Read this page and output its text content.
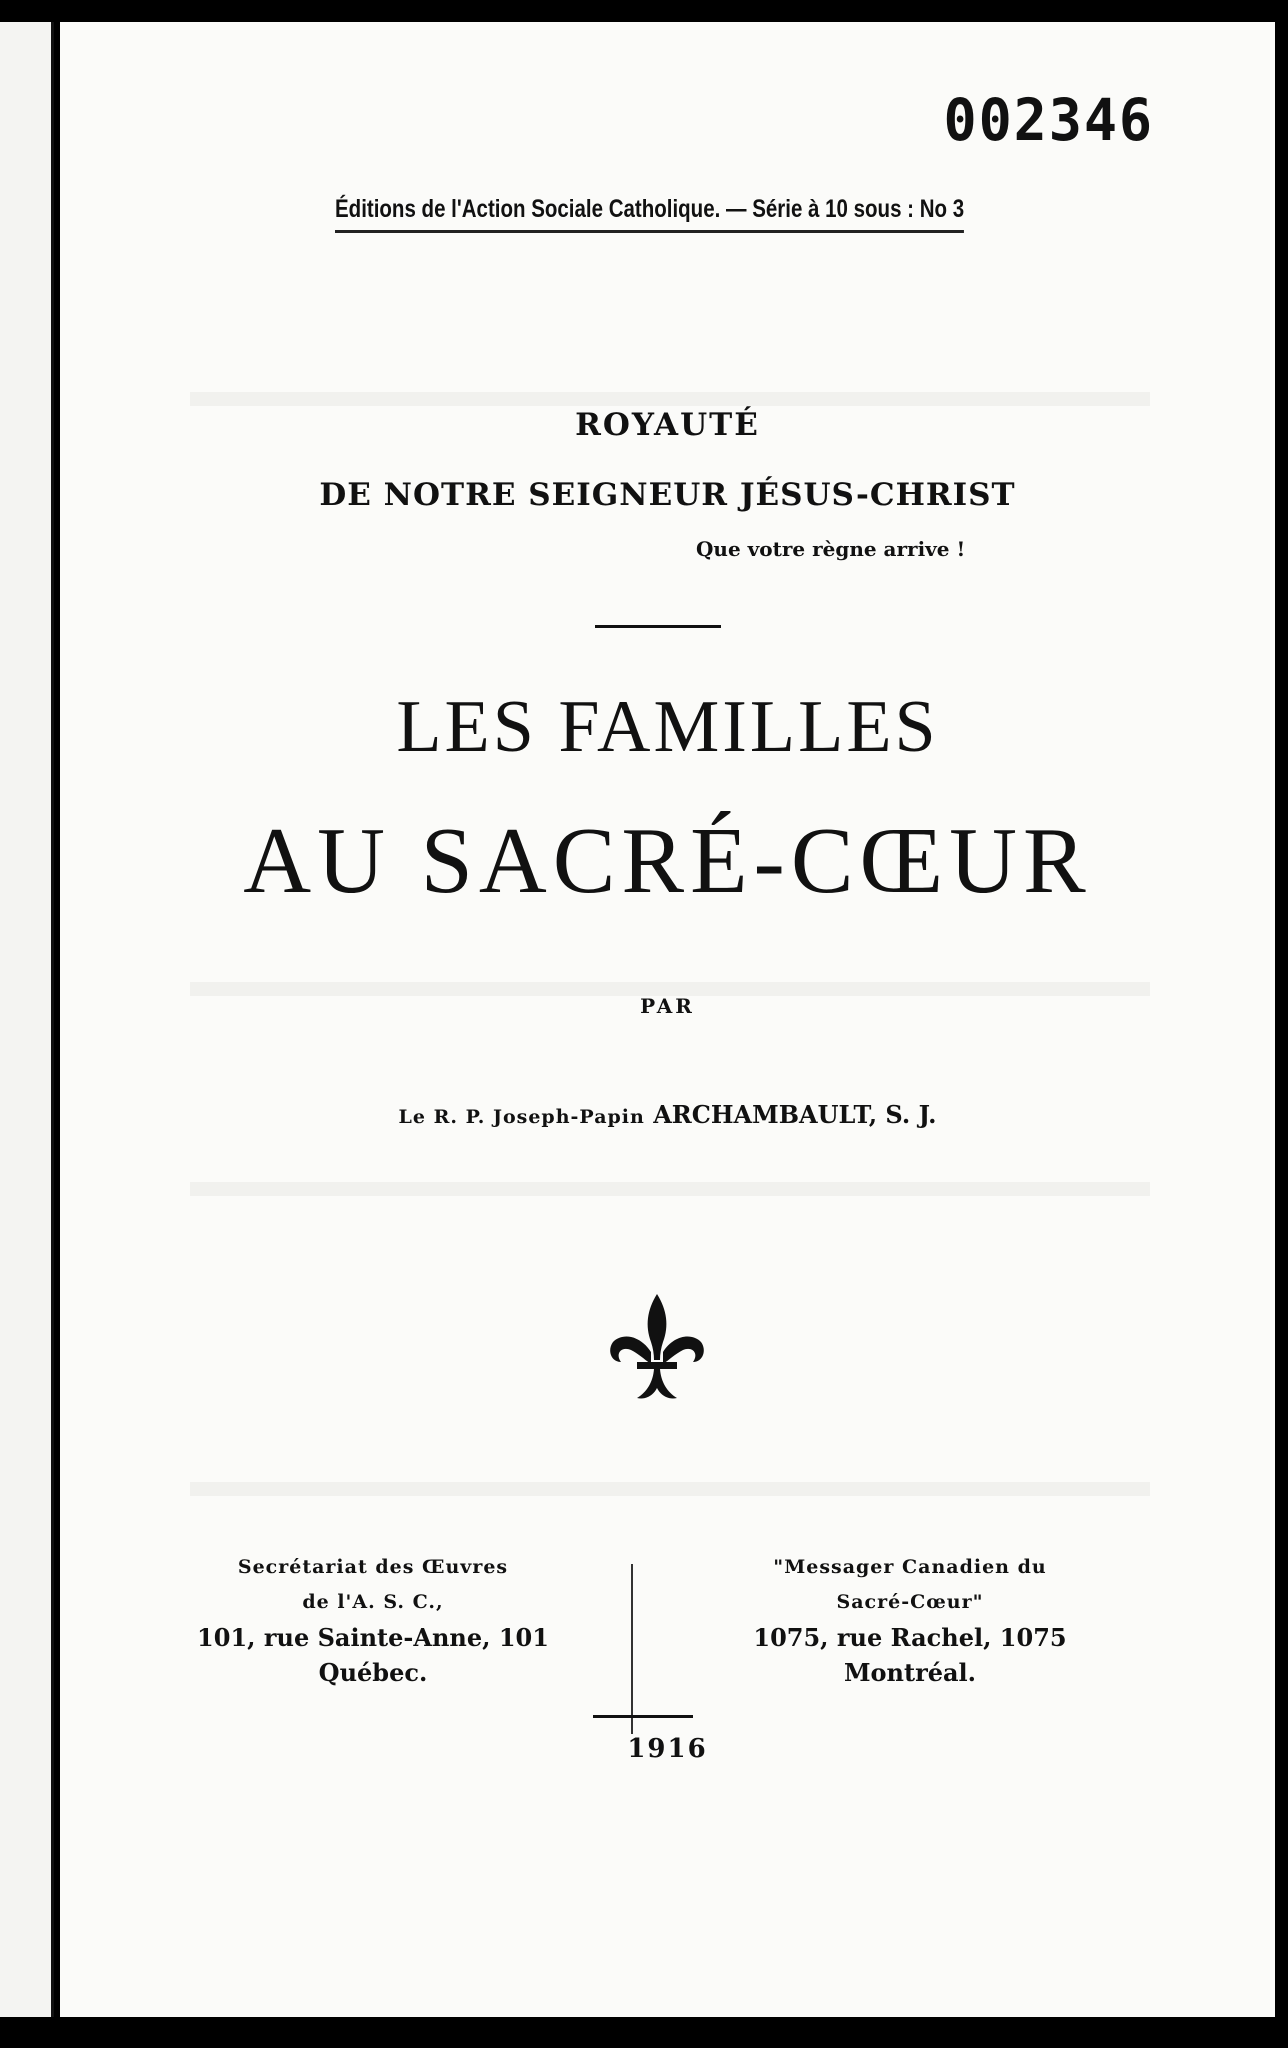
002346
Éditions de l'Action Sociale Catholique. — Série à 10 sous : No 3
ROYAUTÉ
DE NOTRE SEIGNEUR JÉSUS-CHRIST
Que votre règne arrive !
LES FAMILLES
AU SACRÉ-CŒUR
PAR
Le R. P. Joseph-Papin ARCHAMBAULT, S. J.
Secrétariat des Œuvres
de l'A. S. C.,
101, rue Sainte-Anne, 101
Québec.
"Messager Canadien du
Sacré-Cœur"
1075, rue Rachel, 1075
Montréal.
1916
